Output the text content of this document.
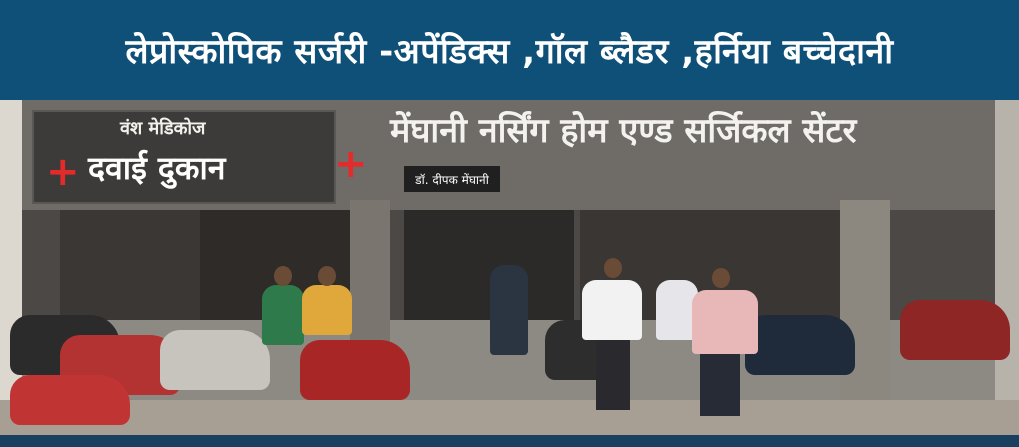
लेप्रोस्कोपिक सर्जरी -अपेंडिक्स ,गॉल ब्लैडर ,हर्निया बच्चेदानी
वंश मेडिकोज
+ दवाई दुकान	+
मेंघानी नर्सिंग होम एण्ड सर्जिकल सेंटर
डॉ. दीपक मेंघानी
